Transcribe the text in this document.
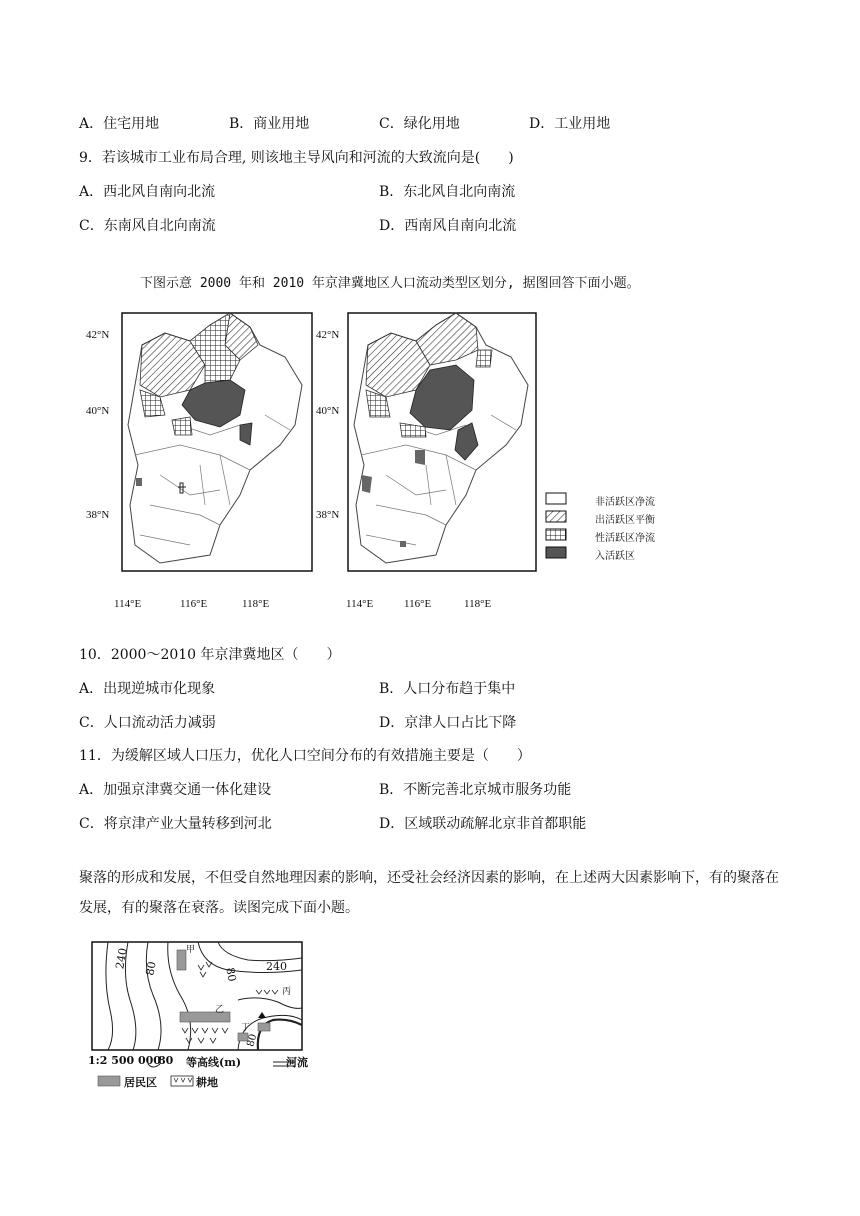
A．住宅用地	B．商业用地	C．绿化用地	D．工业用地
9．若该城市工业布局合理, 则该地主导风向和河流的大致流向是(　　)
A．西北风自南向北流	B．东北风自北向南流
C．东南风自北向南流	D．西南风自南向北流
下图示意 2000 年和 2010 年京津冀地区人口流动类型区划分, 据图回答下面小题。
42°N
40°N
38°N
42°N
40°N
38°N
非活跃区净流
出活跃区平衡
性活跃区净流
入活跃区
114°E	116°E	118°E	114°E	116°E	118°E
10．2000～2010 年京津冀地区（　　）
A．出现逆城市化现象	B．人口分布趋于集中
C．人口流动活力减弱	D．京津人口占比下降
11．为缓解区域人口压力，优化人口空间分布的有效措施主要是（　　）
A．加强京津冀交通一体化建设	B．不断完善北京城市服务功能
C．将京津产业大量转移到河北	D．区域联动疏解北京非首都职能
聚落的形成和发展，不但受自然地理因素的影响，还受社会经济因素的影响，在上述两大因素影响下，有的聚落在发展，有的聚落在衰落。读图完成下面小题。
240 80	80 240
80
甲
乙
丙
丁
1:2 500 000
80 等高线(m)	河流
居民区	耕地
